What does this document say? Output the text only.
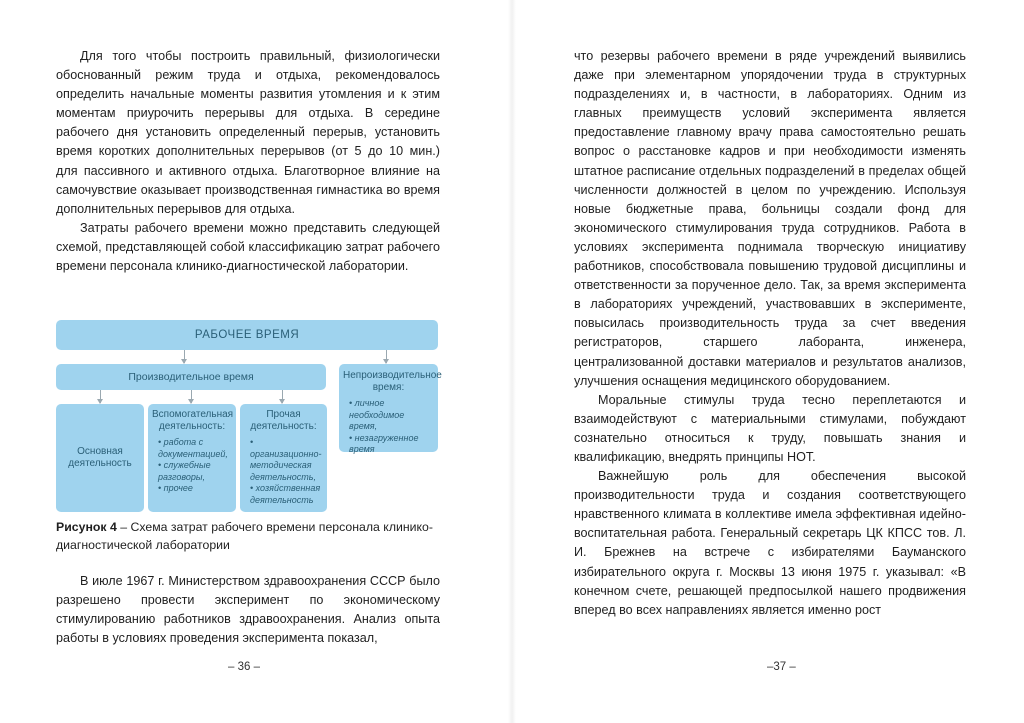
Для того чтобы построить правильный, физиологически обоснованный режим труда и отдыха, рекомендовалось определить начальные моменты развития утомления и к этим моментам приурочить перерывы для отдыха. В середине рабочего дня установить определенный перерыв, установить время коротких дополнительных перерывов (от 5 до 10 мин.) для пассивного и активного отдыха. Благотворное влияние на самочувствие оказывает производственная гимнастика во время дополнительных перерывов для отдыха.

Затраты рабочего времени можно представить следующей схемой, представляющей собой классификацию затрат рабочего времени персонала клинико-диагностической лаборатории.

РАБОЧЕЕ ВРЕМЯ
Производительное время	Непроизводительное время:
• личное необходимое время,
• незагруженное время
Основная деятельность
Вспомогательная деятельность:
• работа с документацией,
• служебные разговоры,
• прочее
Прочая деятельность:
• организационно-методическая деятельность,
• хозяйственная деятельность
Рисунок 4 – Схема затрат рабочего времени персонала клинико-диагностической лаборатории

В июле 1967 г. Министерством здравоохранения СССР было разрешено провести эксперимент по экономическому стимулированию работников здравоохранения. Анализ опыта работы в условиях проведения эксперимента показал,

– 36 –

что резервы рабочего времени в ряде учреждений выявились даже при элементарном упорядочении труда в структурных подразделениях и, в частности, в лабораториях. Одним из главных преимуществ условий эксперимента является предоставление главному врачу права самостоятельно решать вопрос о расстановке кадров и при необходимости изменять штатное расписание отдельных подразделений в пределах общей численности должностей в целом по учреждению. Используя новые бюджетные права, больницы создали фонд для экономического стимулирования труда сотрудников. Работа в условиях эксперимента поднимала творческую инициативу работников, способствовала повышению трудовой дисциплины и ответственности за порученное дело. Так, за время эксперимента в лабораториях учреждений, участвовавших в эксперименте, повысилась производительность труда за счет введения регистраторов, старшего лаборанта, инженера, централизованной доставки материалов и результатов анализов, улучшения оснащения медицинского оборудованием.

Моральные стимулы труда тесно переплетаются и взаимодействуют с материальными стимулами, побуждают сознательно относиться к труду, повышать знания и квалификацию, внедрять принципы НОТ.

Важнейшую роль для обеспечения высокой производительности труда и создания соответствующего нравственного климата в коллективе имела эффективная идейно-воспитательная работа. Генеральный секретарь ЦК КПСС тов. Л. И. Брежнев на встрече с избирателями Бауманского избирательного округа г. Москвы 13 июня 1975 г. указывал: «В конечном счете, решающей предпосылкой нашего продвижения вперед во всех направлениях является именно рост

–37 –
